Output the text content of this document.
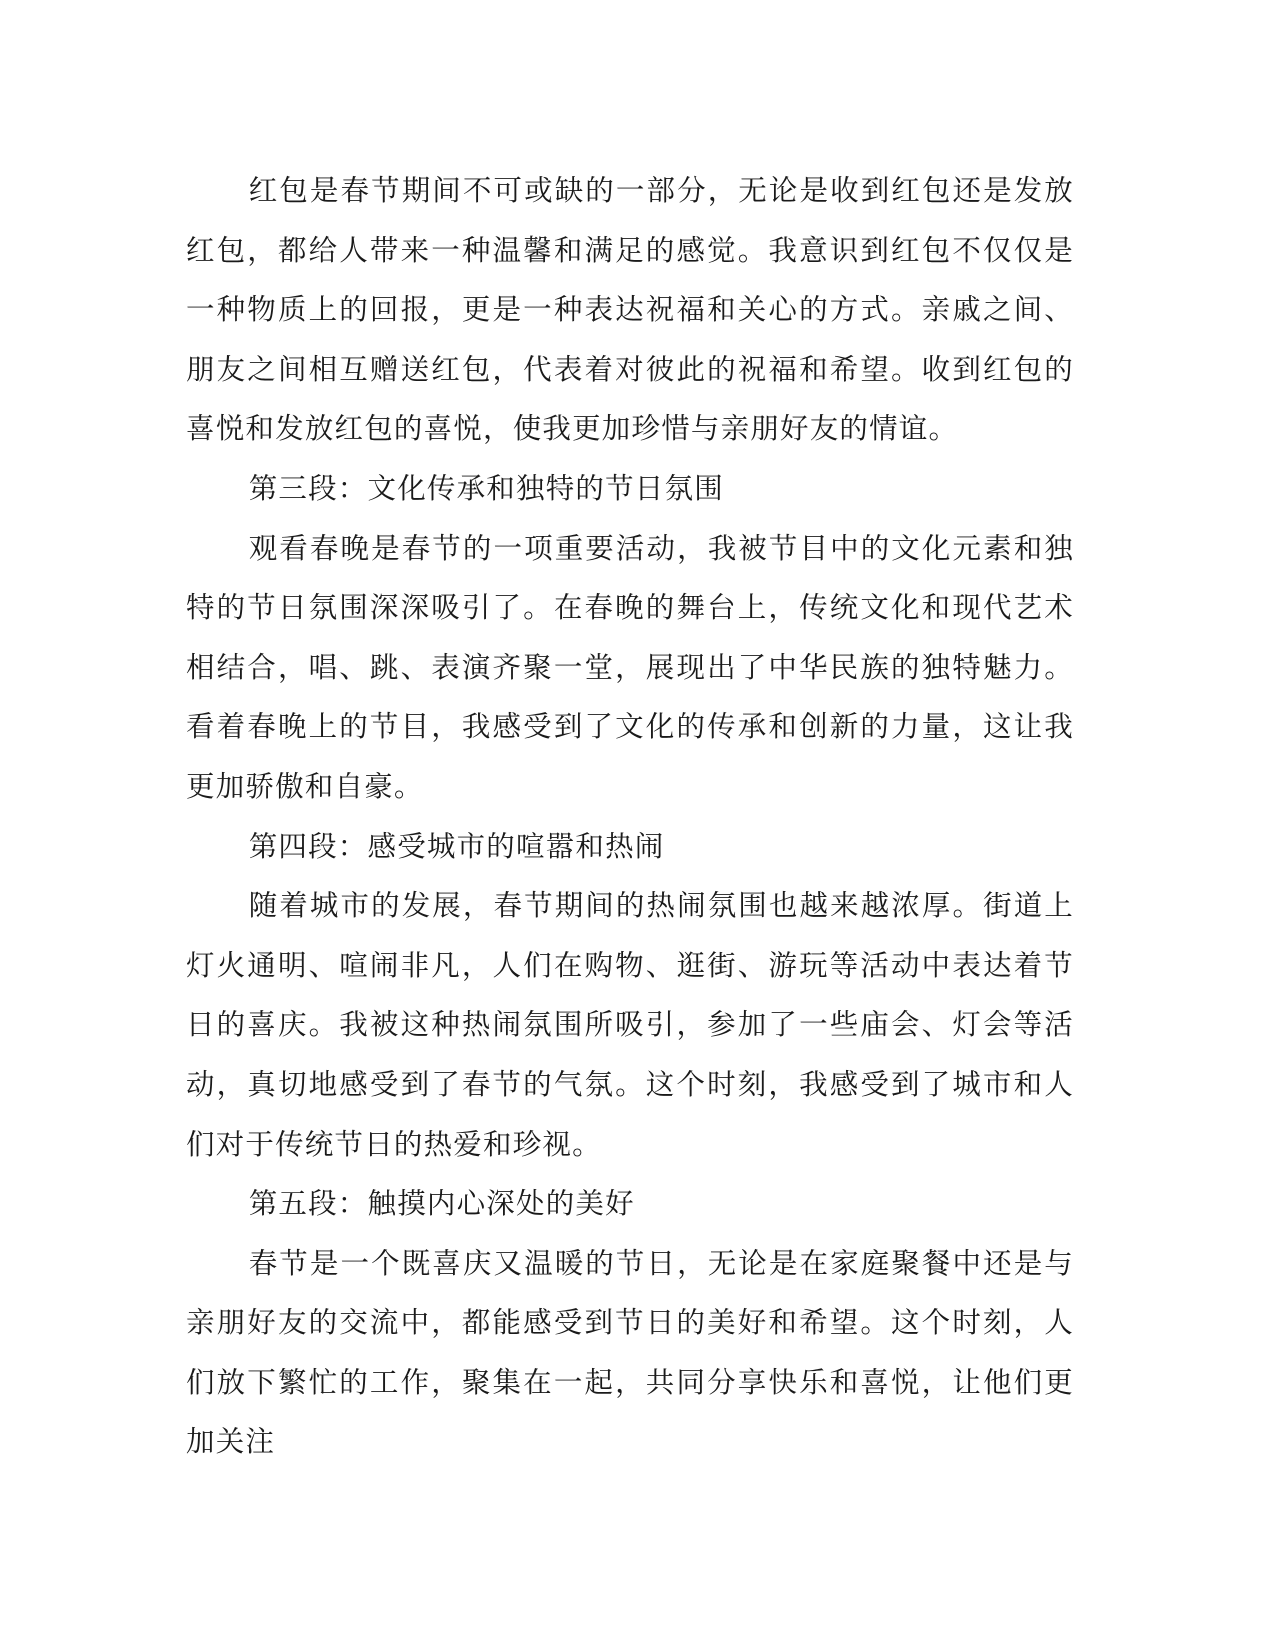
红包是春节期间不可或缺的一部分，无论是收到红包还是发放红包，都给人带来一种温馨和满足的感觉。我意识到红包不仅仅是一种物质上的回报，更是一种表达祝福和关心的方式。亲戚之间、朋友之间相互赠送红包，代表着对彼此的祝福和希望。收到红包的喜悦和发放红包的喜悦，使我更加珍惜与亲朋好友的情谊。

第三段：文化传承和独特的节日氛围

观看春晚是春节的一项重要活动，我被节目中的文化元素和独特的节日氛围深深吸引了。在春晚的舞台上，传统文化和现代艺术相结合，唱、跳、表演齐聚一堂，展现出了中华民族的独特魅力。看着春晚上的节目，我感受到了文化的传承和创新的力量，这让我更加骄傲和自豪。

第四段：感受城市的喧嚣和热闹

随着城市的发展，春节期间的热闹氛围也越来越浓厚。街道上灯火通明、喧闹非凡，人们在购物、逛街、游玩等活动中表达着节日的喜庆。我被这种热闹氛围所吸引，参加了一些庙会、灯会等活动，真切地感受到了春节的气氛。这个时刻，我感受到了城市和人们对于传统节日的热爱和珍视。

第五段：触摸内心深处的美好

春节是一个既喜庆又温暖的节日，无论是在家庭聚餐中还是与亲朋好友的交流中，都能感受到节日的美好和希望。这个时刻，人们放下繁忙的工作，聚集在一起，共同分享快乐和喜悦，让他们更加关注
